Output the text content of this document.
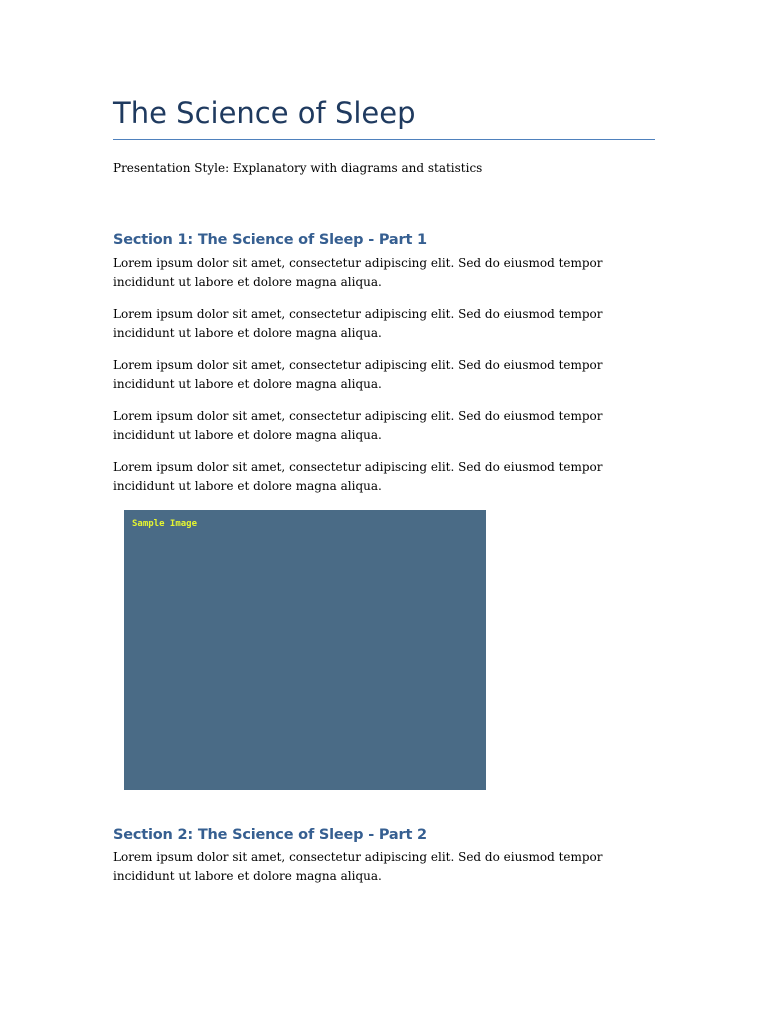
The Science of Sleep

Presentation Style: Explanatory with diagrams and statistics

Section 1: The Science of Sleep - Part 1

Lorem ipsum dolor sit amet, consectetur adipiscing elit. Sed do eiusmod tempor incididunt ut labore et dolore magna aliqua.

Lorem ipsum dolor sit amet, consectetur adipiscing elit. Sed do eiusmod tempor incididunt ut labore et dolore magna aliqua.

Lorem ipsum dolor sit amet, consectetur adipiscing elit. Sed do eiusmod tempor incididunt ut labore et dolore magna aliqua.

Lorem ipsum dolor sit amet, consectetur adipiscing elit. Sed do eiusmod tempor incididunt ut labore et dolore magna aliqua.

Lorem ipsum dolor sit amet, consectetur adipiscing elit. Sed do eiusmod tempor incididunt ut labore et dolore magna aliqua.

Sample Image
Section 2: The Science of Sleep - Part 2

Lorem ipsum dolor sit amet, consectetur adipiscing elit. Sed do eiusmod tempor incididunt ut labore et dolore magna aliqua.
